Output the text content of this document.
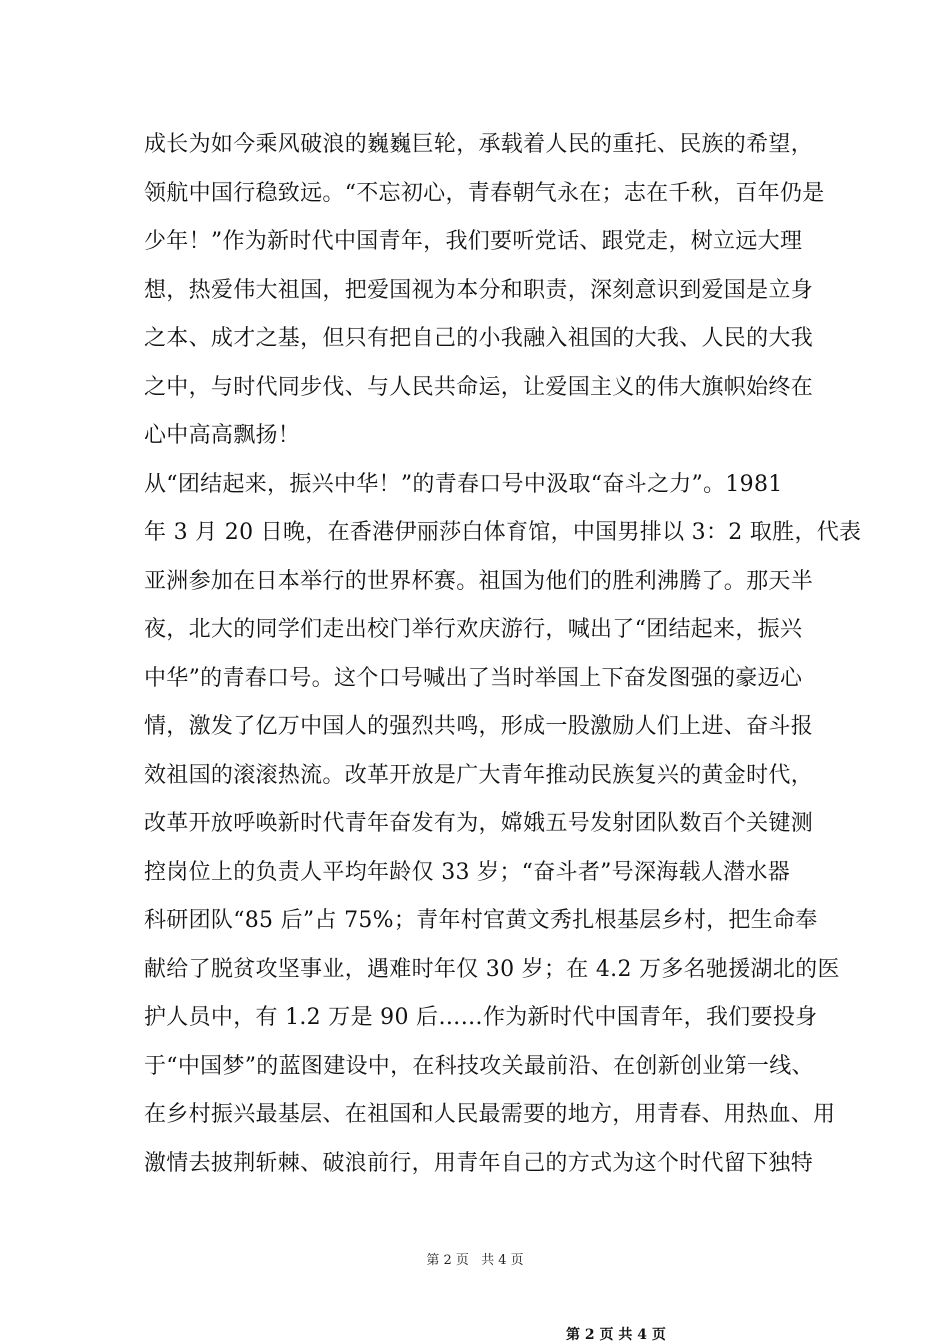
成长为如今乘风破浪的巍巍巨轮，承载着人民的重托、民族的希望，
领航中国行稳致远。“不忘初心，青春朝气永在；志在千秋，百年仍是
少年！”作为新时代中国青年，我们要听党话、跟党走，树立远大理
想，热爱伟大祖国，把爱国视为本分和职责，深刻意识到爱国是立身
之本、成才之基，但只有把自己的小我融入祖国的大我、人民的大我
之中，与时代同步伐、与人民共命运，让爱国主义的伟大旗帜始终在
心中高高飘扬！
从“团结起来，振兴中华！”的青春口号中汲取“奋斗之力”。1981
年 3 月 20 日晚，在香港伊丽莎白体育馆，中国男排以 3：2 取胜，代表
亚洲参加在日本举行的世界杯赛。祖国为他们的胜利沸腾了。那天半
夜，北大的同学们走出校门举行欢庆游行，喊出了“团结起来，振兴
中华”的青春口号。这个口号喊出了当时举国上下奋发图强的豪迈心
情，激发了亿万中国人的强烈共鸣，形成一股激励人们上进、奋斗报
效祖国的滚滚热流。改革开放是广大青年推动民族复兴的黄金时代，
改革开放呼唤新时代青年奋发有为，嫦娥五号发射团队数百个关键测
控岗位上的负责人平均年龄仅 33 岁；“奋斗者”号深海载人潜水器
科研团队“85 后”占 75%；青年村官黄文秀扎根基层乡村，把生命奉
献给了脱贫攻坚事业，遇难时年仅 30 岁；在 4.2 万多名驰援湖北的医
护人员中，有 1.2 万是 90 后……作为新时代中国青年，我们要投身
于“中国梦”的蓝图建设中，在科技攻关最前沿、在创新创业第一线、
在乡村振兴最基层、在祖国和人民最需要的地方，用青春、用热血、用
激情去披荆斩棘、破浪前行，用青年自己的方式为这个时代留下独特
第 2 页 共 4 页
第 2 页 共 4 页
